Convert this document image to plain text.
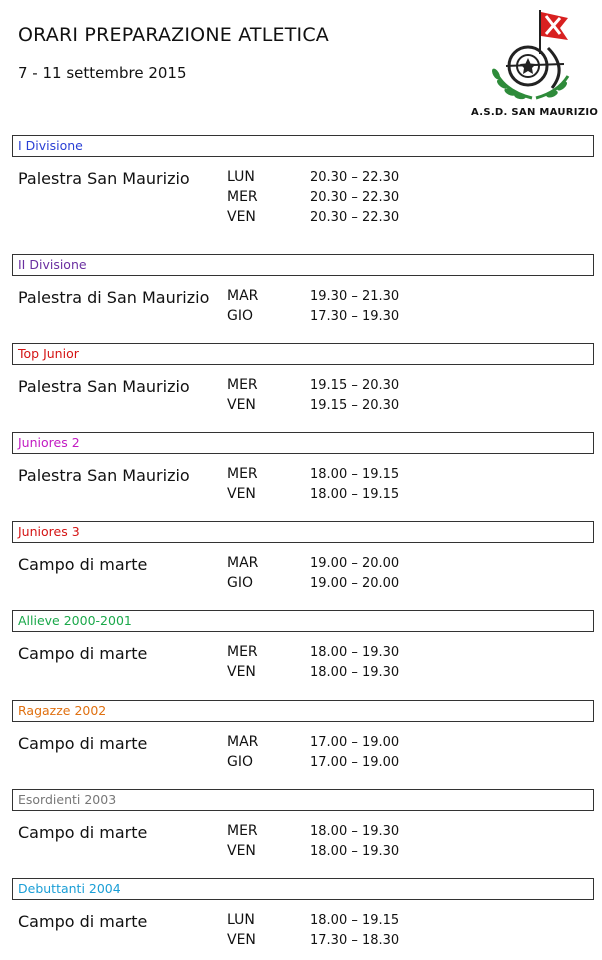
ORARI PREPARAZIONE ATLETICA
7 - 11 settembre 2015
A.S.D. SAN MAURIZIO
I Divisione
Palestra San Maurizio	LUN	20.30 – 22.30
MER	20.30 – 22.30
VEN	20.30 – 22.30
II Divisione
Palestra di San Maurizio MAR	19.30 – 21.30
GIO	17.30 – 19.30
Top Junior
Palestra San Maurizio	MER	19.15 – 20.30
VEN	19.15 – 20.30
Juniores 2
Palestra San Maurizio	MER	18.00 – 19.15
VEN	18.00 – 19.15
Juniores 3
Campo di marte	MAR	19.00 – 20.00
GIO	19.00 – 20.00
Allieve 2000-2001
Campo di marte	MER	18.00 – 19.30
VEN	18.00 – 19.30
Ragazze 2002
Campo di marte	MAR	17.00 – 19.00
GIO	17.00 – 19.00
Esordienti 2003
Campo di marte	MER	18.00 – 19.30
VEN	18.00 – 19.30
Debuttanti 2004
Campo di marte	LUN	18.00 – 19.15
VEN	17.30 – 18.30
